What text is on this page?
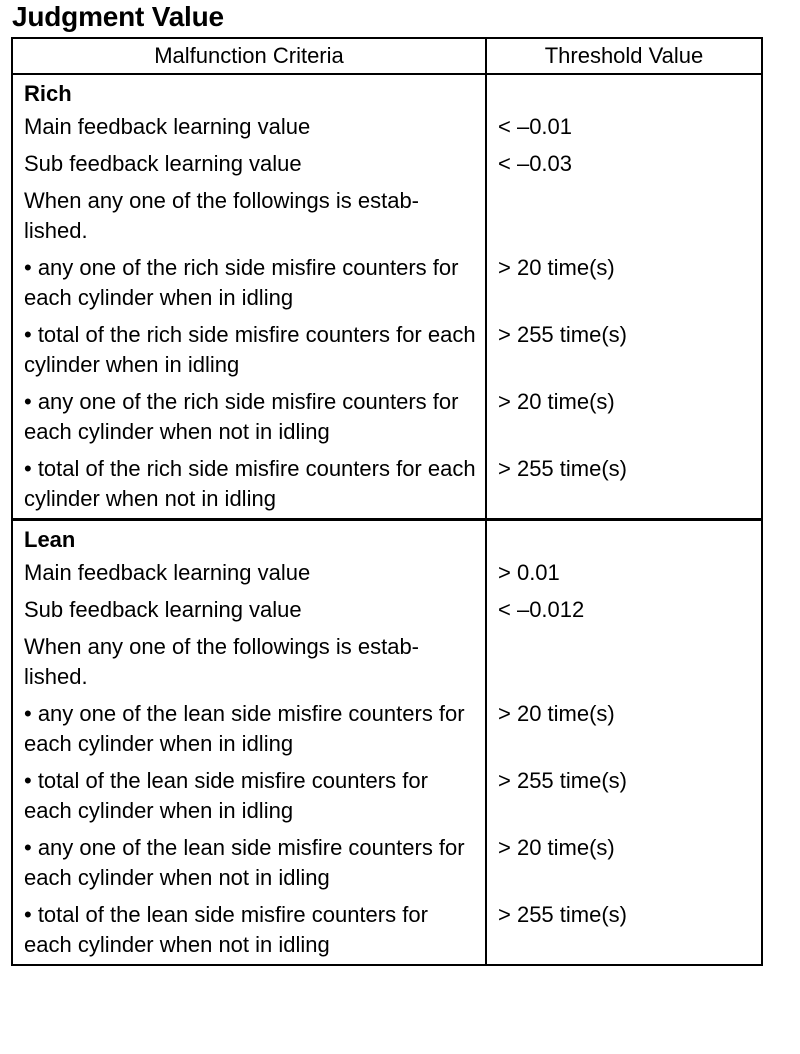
Judgment Value
Malfunction Criteria	Threshold Value
Rich	
Main feedback learning value	< –0.01
Sub feedback learning value	< –0.03
When any one of the followings is estab-lished.	
• any one of the rich side misfire counters for each cylinder when in idling	> 20 time(s)
• total of the rich side misfire counters for each cylinder when in idling	> 255 time(s)
• any one of the rich side misfire counters for each cylinder when not in idling	> 20 time(s)
• total of the rich side misfire counters for each cylinder when not in idling	> 255 time(s)
Lean	
Main feedback learning value	> 0.01
Sub feedback learning value	< –0.012
When any one of the followings is estab-lished.	
• any one of the lean side misfire counters for each cylinder when in idling	> 20 time(s)
• total of the lean side misfire counters for each cylinder when in idling	> 255 time(s)
• any one of the lean side misfire counters for each cylinder when not in idling	> 20 time(s)
• total of the lean side misfire counters for each cylinder when not in idling	> 255 time(s)
